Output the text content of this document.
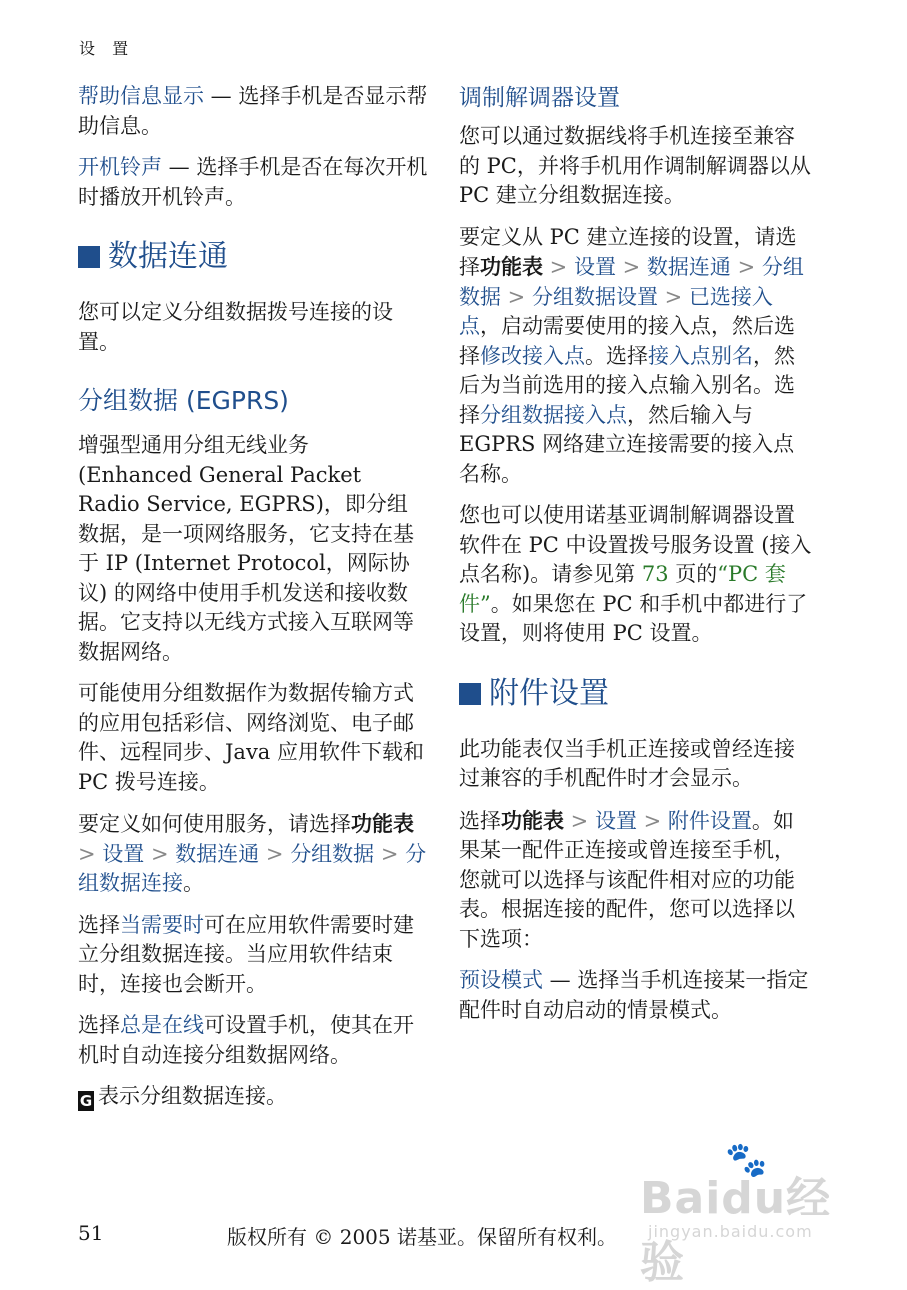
设 置

帮助信息显示 — 选择手机是否显示帮助信息。

开机铃声 — 选择手机是否在每次开机时播放开机铃声。

数据连通

您可以定义分组数据拨号连接的设置。

分组数据 (EGPRS)

增强型通用分组无线业务 (Enhanced General Packet Radio Service, EGPRS)，即分组数据，是一项网络服务，它支持在基于 IP (Internet Protocol，网际协议) 的网络中使用手机发送和接收数据。它支持以无线方式接入互联网等数据网络。

可能使用分组数据作为数据传输方式的应用包括彩信、网络浏览、电子邮件、远程同步、Java 应用软件下载和 PC 拨号连接。

要定义如何使用服务，请选择功能表 > 设置 > 数据连通 > 分组数据 > 分组数据连接。

选择当需要时可在应用软件需要时建立分组数据连接。当应用软件结束时，连接也会断开。

选择总是在线可设置手机，使其在开机时自动连接分组数据网络。

G 表示分组数据连接。

调制解调器设置

您可以通过数据线将手机连接至兼容的 PC，并将手机用作调制解调器以从 PC 建立分组数据连接。

要定义从 PC 建立连接的设置，请选择功能表 > 设置 > 数据连通 > 分组数据 > 分组数据设置 > 已选接入点，启动需要使用的接入点，然后选择修改接入点。选择接入点别名，然后为当前选用的接入点输入别名。选择分组数据接入点，然后输入与 EGPRS 网络建立连接需要的接入点名称。

您也可以使用诺基亚调制解调器设置软件在 PC 中设置拨号服务设置 (接入点名称)。请参见第 73 页的“PC 套件”。如果您在 PC 和手机中都进行了设置，则将使用 PC 设置。

附件设置

此功能表仅当手机正连接或曾经连接过兼容的手机配件时才会显示。

选择功能表 > 设置 > 附件设置。如果某一配件正连接或曾连接至手机，您就可以选择与该配件相对应的功能表。根据连接的配件，您可以选择以下选项：

预设模式 — 选择当手机连接某一指定配件时自动启动的情景模式。

51	版权所有 © 2005 诺基亚。保留所有权利。
🐾
Baidu经验
jingyan.baidu.com
